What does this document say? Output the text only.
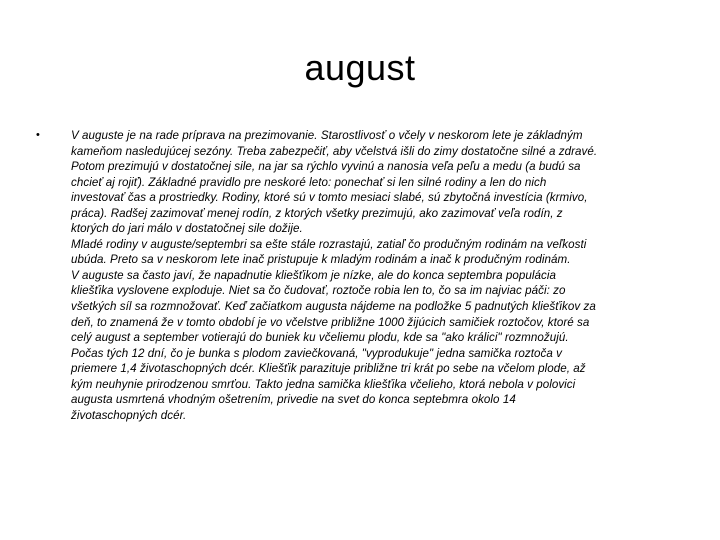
august
•	V auguste je na rade príprava na prezimovanie. Starostlivosť o včely v neskorom lete je základným
kameňom nasledujúcej sezóny. Treba zabezpečiť, aby včelstvá išli do zimy dostatočne silné a zdravé.
Potom prezimujú v dostatočnej sile, na jar sa rýchlo vyvinú a nanosia veľa peľu a medu (a budú sa
chcieť aj rojiť). Základné pravidlo pre neskoré leto: ponechať si len silné rodiny a len do nich
investovať čas a prostriedky. Rodiny, ktoré sú v tomto mesiaci slabé, sú zbytočná investícia (krmivo,
práca). Radšej zazimovať menej rodín, z ktorých všetky prezimujú, ako zazimovať veľa rodín, z
ktorých do jari málo v dostatočnej sile dožije.
Mladé rodiny v auguste/septembri sa ešte stále rozrastajú, zatiaľ čo produčným rodinám na veľkosti
ubúda. Preto sa v neskorom lete inač pristupuje k mladým rodinám a inač k produčným rodinám.
V auguste sa často javí, že napadnutie kliešťikom je nízke, ale do konca septembra populácia
kliešťika vyslovene exploduje. Niet sa čo čudovať, roztoče robia len to, čo sa im najviac páči: zo
všetkých síl sa rozmnožovať. Keď začiatkom augusta nájdeme na podložke 5 padnutých kliešťikov za
deň, to znamená že v tomto období je vo včelstve približne 1000 žijúcich samičiek roztočov, ktoré sa
celý august a september votierajú do buniek ku včeliemu plodu, kde sa "ako králici" rozmnožujú.
Počas tých 12 dní, čo je bunka s plodom zaviečkovaná, "vyprodukuje" jedna samička roztoča v
priemere 1,4 životaschopných dcér. Kliešťik parazituje približne tri krát po sebe na včelom plode, až
kým neuhynie prirodzenou smrťou. Takto jedna samička kliešťika včelieho, ktorá nebola v polovici
augusta usmrtená vhodným ošetrením, privedie na svet do konca septebmra okolo 14
životaschopných dcér.
